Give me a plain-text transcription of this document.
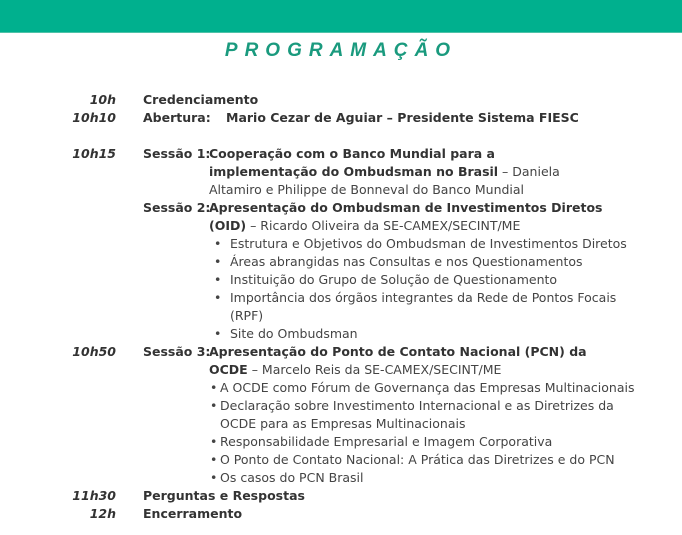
PROGRAMAÇÃO
10h Credenciamento
10h10 Abertura: Mario Cezar de Aguiar – Presidente Sistema FIESC
10h15 Sessão 1:
Cooperação com o Banco Mundial para a
implementação do Ombudsman no Brasil – Daniela
Altamiro e Philippe de Bonneval do Banco Mundial
Sessão 2:
Apresentação do Ombudsman de Investimentos Diretos
(OID) – Ricardo Oliveira da SE-CAMEX/SECINT/ME
• Estrutura e Objetivos do Ombudsman de Investimentos Diretos
• Áreas abrangidas nas Consultas e nos Questionamentos
• Instituição do Grupo de Solução de Questionamento
• Importância dos órgãos integrantes da Rede de Pontos Focais
(RPF)
• Site do Ombudsman
10h50 Sessão 3:
Apresentação do Ponto de Contato Nacional (PCN) da
OCDE – Marcelo Reis da SE-CAMEX/SECINT/ME
• A OCDE como Fórum de Governança das Empresas Multinacionais
• Declaração sobre Investimento Internacional e as Diretrizes da
OCDE para as Empresas Multinacionais
• Responsabilidade Empresarial e Imagem Corporativa
• O Ponto de Contato Nacional: A Prática das Diretrizes e do PCN
• Os casos do PCN Brasil
11h30 Perguntas e Respostas
12h Encerramento
